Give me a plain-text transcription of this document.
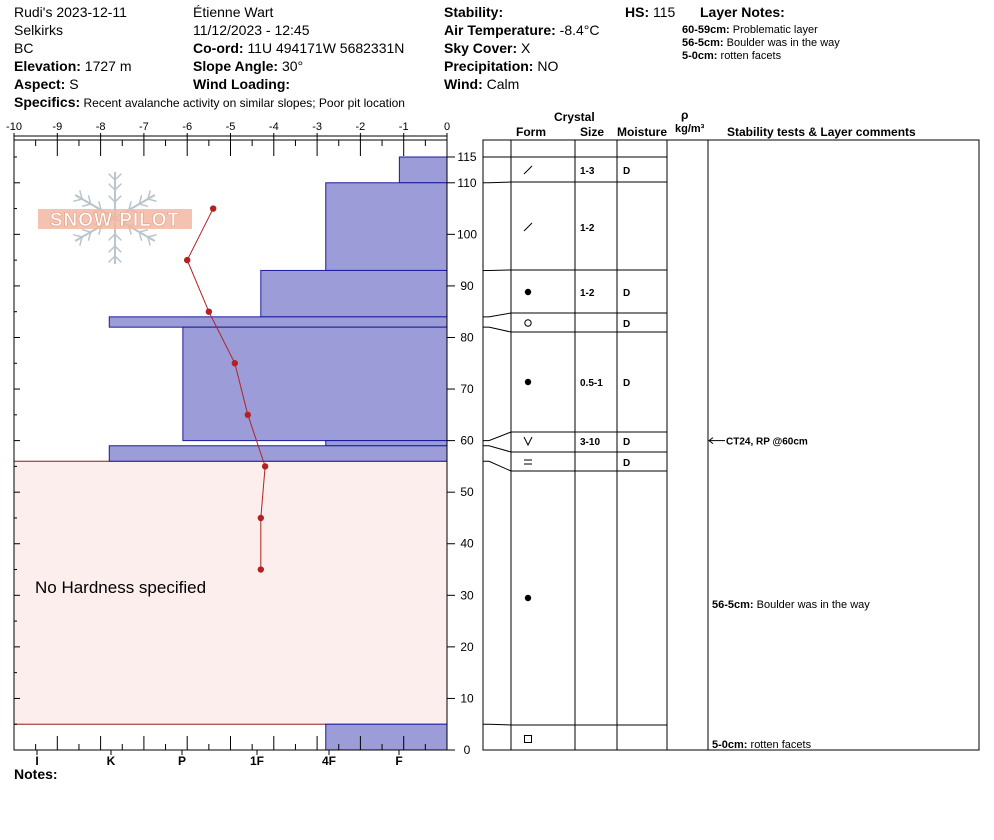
Rudi's 2023-12-11
Selkirks
BC
Elevation: 1727 m
Aspect: S
Specifics: Recent avalanche activity on similar slopes; Poor pit location
Étienne Wart
11/12/2023 - 12:45
Co-ord: 11U 494171W 5682331N
Slope Angle: 30°
Wind Loading:
Stability:
Air Temperature: -8.4°C
Sky Cover: X
Precipitation: NO
Wind: Calm
HS: 115 Layer Notes:
60-59cm: Problematic layer
56-5cm: Boulder was in the way
5-0cm: rotten facets
Crystal
Form	Size Moisture
ρ
kg/m³ Stability tests & Layer comments
-10	-9	-8	-7	-6	-5	-4	-3	-2	-1	0
0
10
20
30
40
50
60
70
80
90
100
110
115
I	K	P	1F	4F	F
SNOW PILOT
1-3	D
1-2
1-2	D
D
0.5-1 D
3-10 D
D
CT24, RP @60cm
56-5cm: Boulder was in the way
5-0cm: rotten facets
No Hardness specified
Notes:
